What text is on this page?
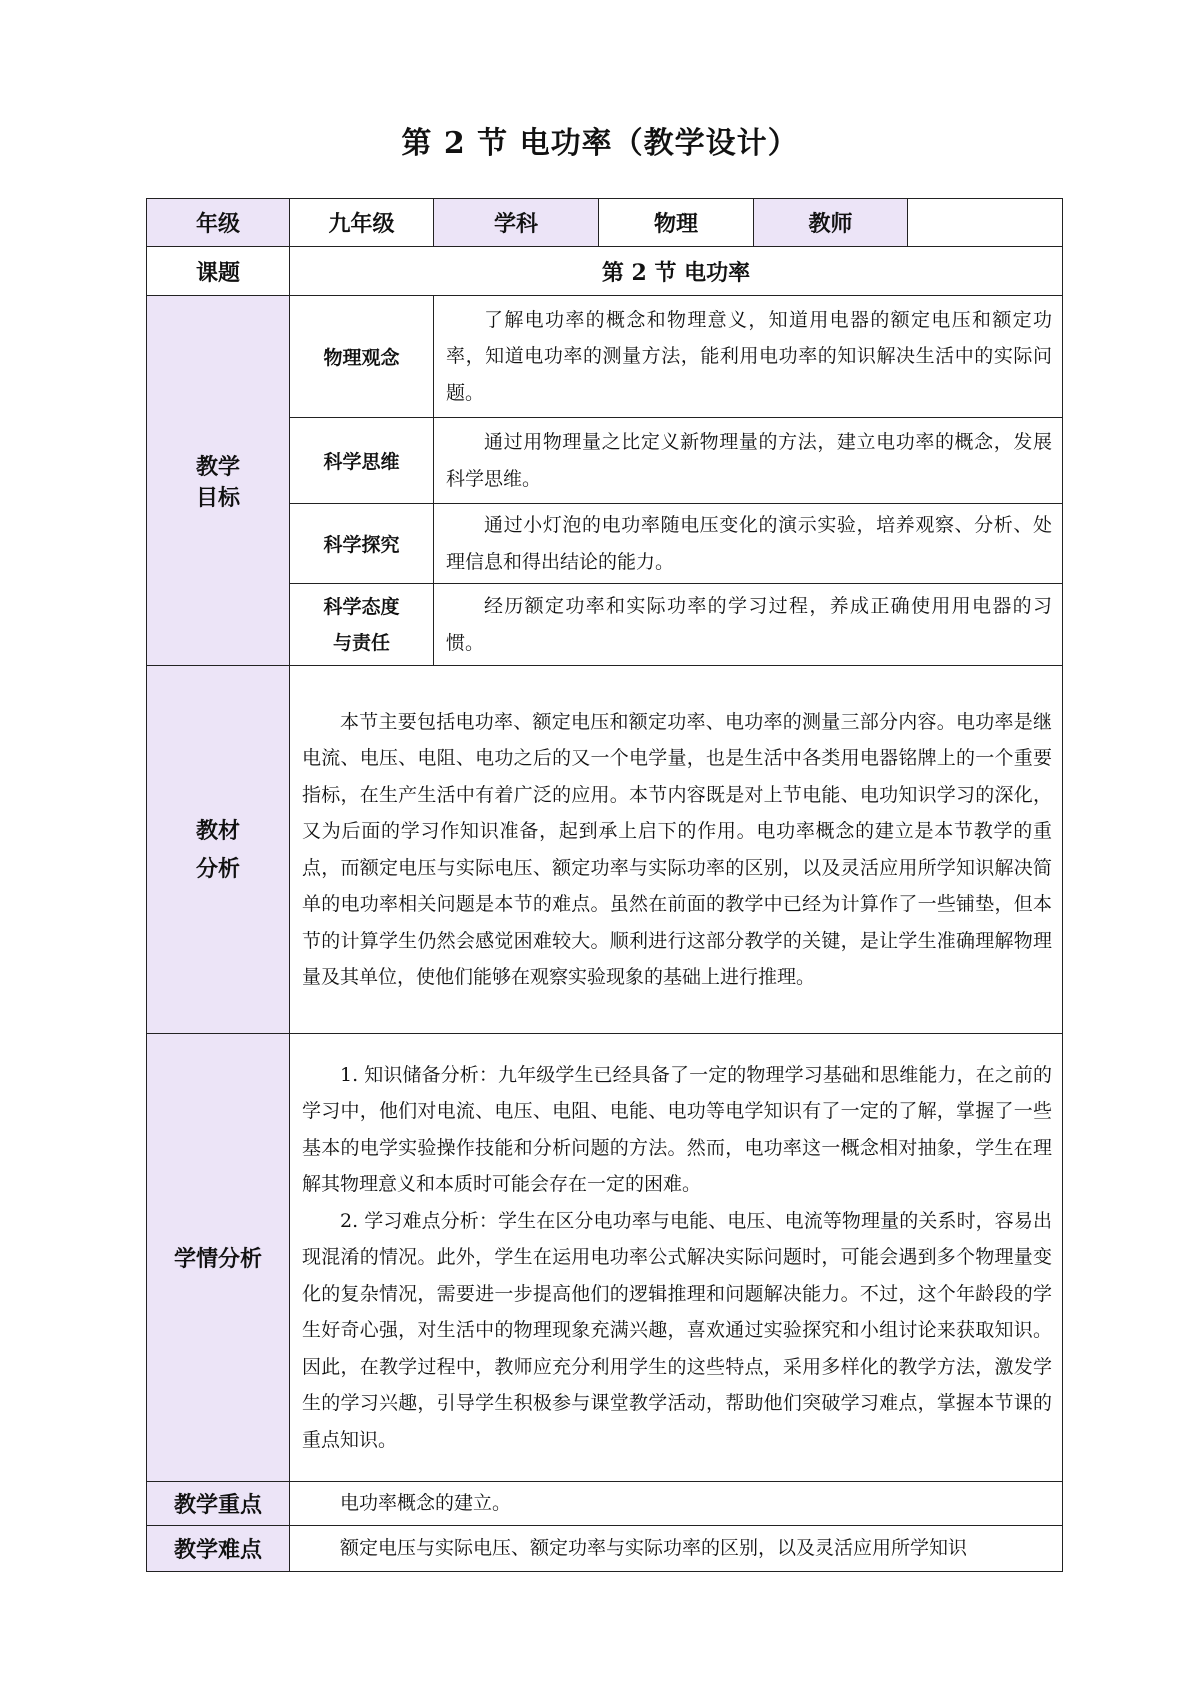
第 2 节 电功率（教学设计）
年级	九年级	学科	物理	教师	
课题	第 2 节 电功率				

教学
目标	物理观念	了解电功率的概念和物理意义，知道用电器的额定电压和额定功率，知道电功率的测量方法，能利用电功率的知识解决生活中的实际问题。			

	科学思维	通过用物理量之比定义新物理量的方法，建立电功率的概念，发展科学思维。			

	科学探究	通过小灯泡的电功率随电压变化的演示实验，培养观察、分析、处理信息和得出结论的能力。			

	科学态度
与责任	经历额定功率和实际功率的学习过程，养成正确使用用电器的习惯。			

教材
分析	本节主要包括电功率、额定电压和额定功率、电功率的测量三部分内容。电功率是继电流、电压、电阻、电功之后的又一个电学量，也是生活中各类用电器铭牌上的一个重要指标，在生产生活中有着广泛的应用。本节内容既是对上节电能、电功知识学习的深化，又为后面的学习作知识准备，起到承上启下的作用。电功率概念的建立是本节教学的重点，而额定电压与实际电压、额定功率与实际功率的区别，以及灵活应用所学知识解决简单的电功率相关问题是本节的难点。虽然在前面的教学中已经为计算作了一些铺垫，但本节的计算学生仍然会感觉困难较大。顺利进行这部分教学的关键，是让学生准确理解物理量及其单位，使他们能够在观察实验现象的基础上进行推理。				

学情分析	1. 知识储备分析：九年级学生已经具备了一定的物理学习基础和思维能力，在之前的学习中，他们对电流、电压、电阻、电能、电功等电学知识有了一定的了解，掌握了一些基本的电学实验操作技能和分析问题的方法。然而，电功率这一概念相对抽象，学生在理解其物理意义和本质时可能会存在一定的困难。

2. 学习难点分析：学生在区分电功率与电能、电压、电流等物理量的关系时，容易出现混淆的情况。此外，学生在运用电功率公式解决实际问题时，可能会遇到多个物理量变化的复杂情况，需要进一步提高他们的逻辑推理和问题解决能力。不过，这个年龄段的学生好奇心强，对生活中的物理现象充满兴趣，喜欢通过实验探究和小组讨论来获取知识。因此，在教学过程中，教师应充分利用学生的这些特点，采用多样化的教学方法，激发学生的学习兴趣，引导学生积极参与课堂教学活动，帮助他们突破学习难点，掌握本节课的重点知识。				

教学重点	电功率概念的建立。				

教学难点	额定电压与实际电压、额定功率与实际功率的区别，以及灵活应用所学知识				
